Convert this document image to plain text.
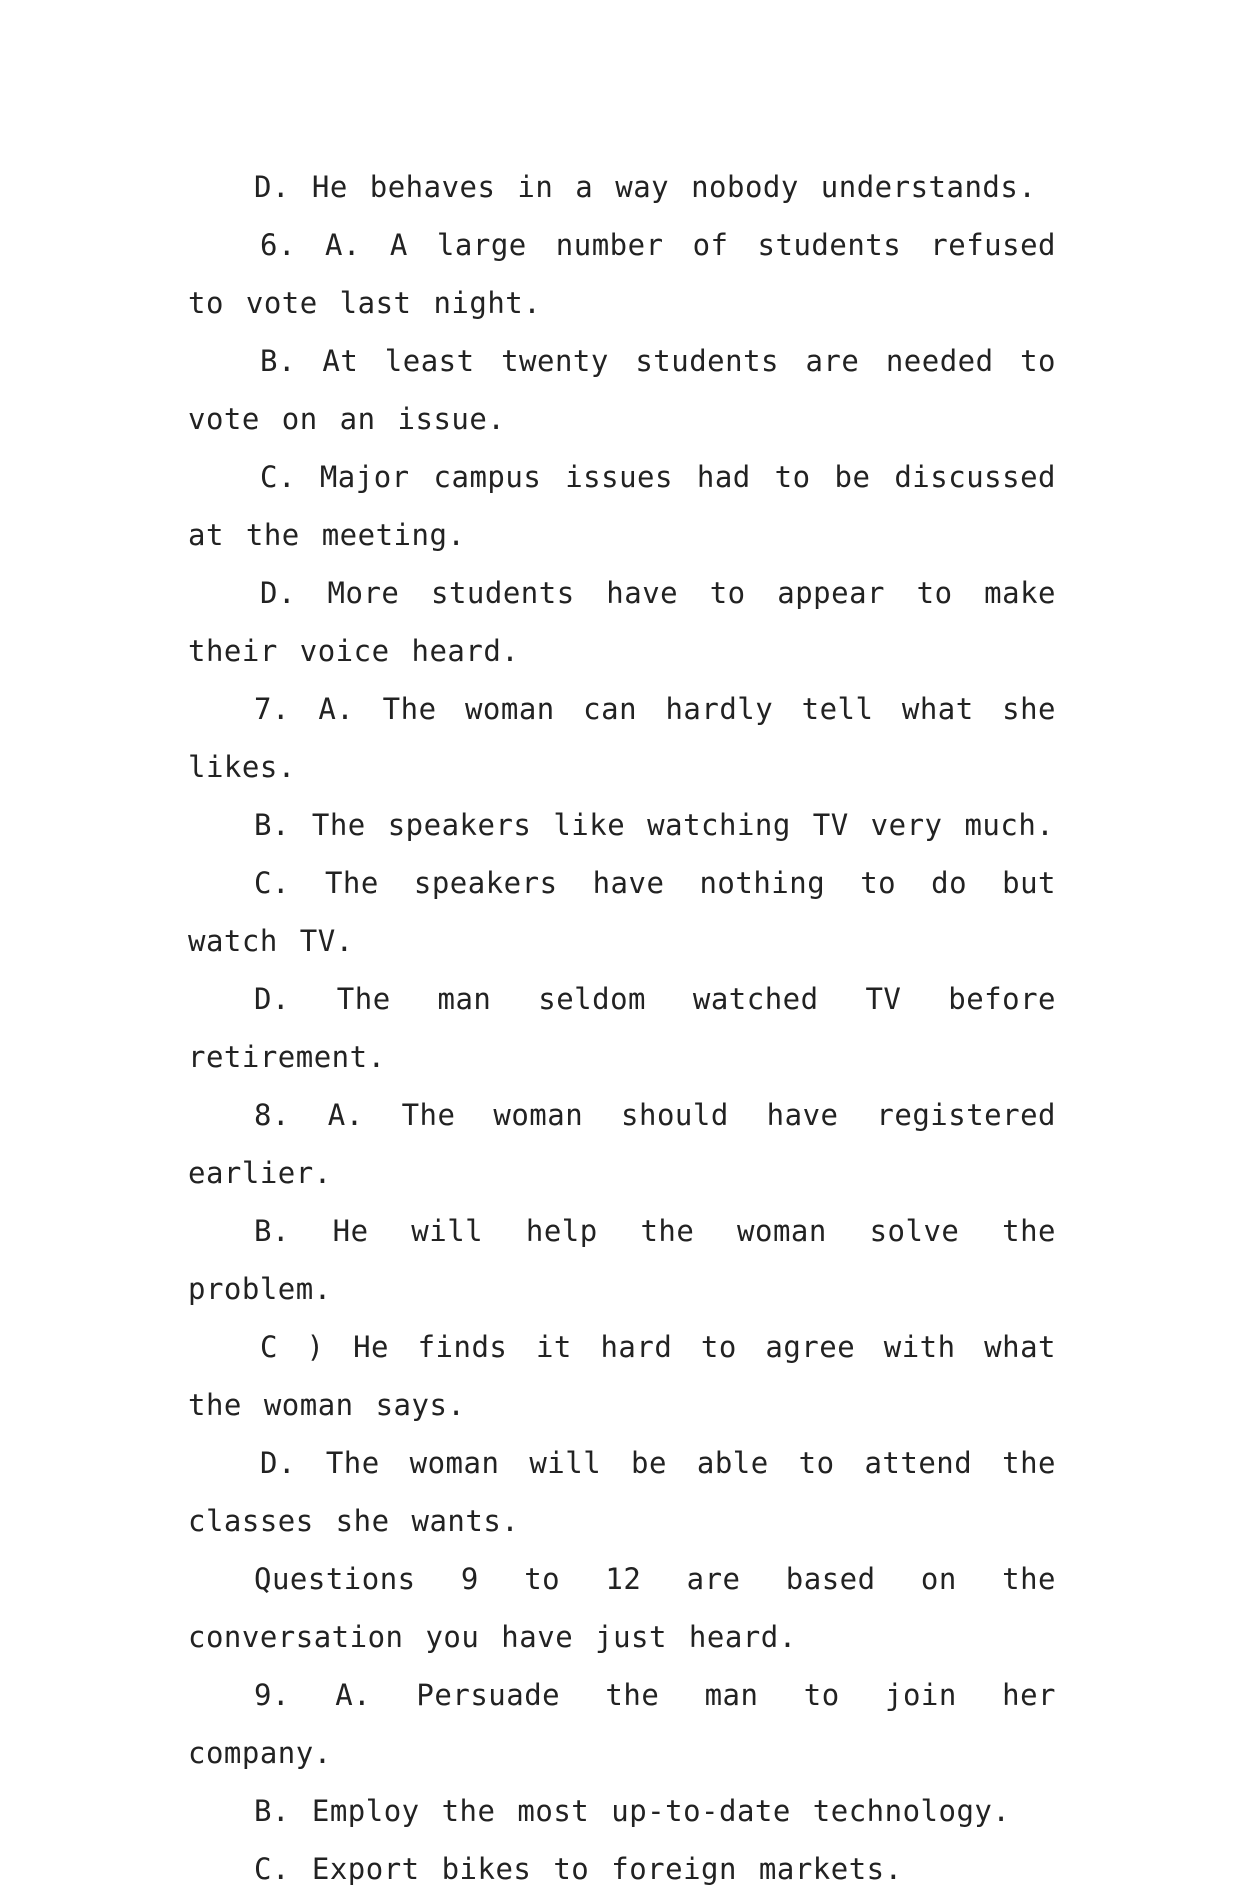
D. He behaves in a way nobody understands.

6. A. A large number of students refused to vote last night.

B. At least twenty students are needed to vote on an issue.

C. Major campus issues had to be discussed at the meeting.

D. More students have to appear to make their voice heard.

7. A. The woman can hardly tell what she likes.

B. The speakers like watching TV very much.

C. The speakers have nothing to do but watch TV.

D. The man seldom watched TV before retirement.

8. A. The woman should have registered earlier.

B. He will help the woman solve the problem.

C ) He finds it hard to agree with what the woman says.

D. The woman will be able to attend the classes she wants.

Questions 9 to 12 are based on the conversation you have just heard.

9. A. Persuade the man to join her company.

B. Employ the most up-to-date technology.

C. Export bikes to foreign markets.
